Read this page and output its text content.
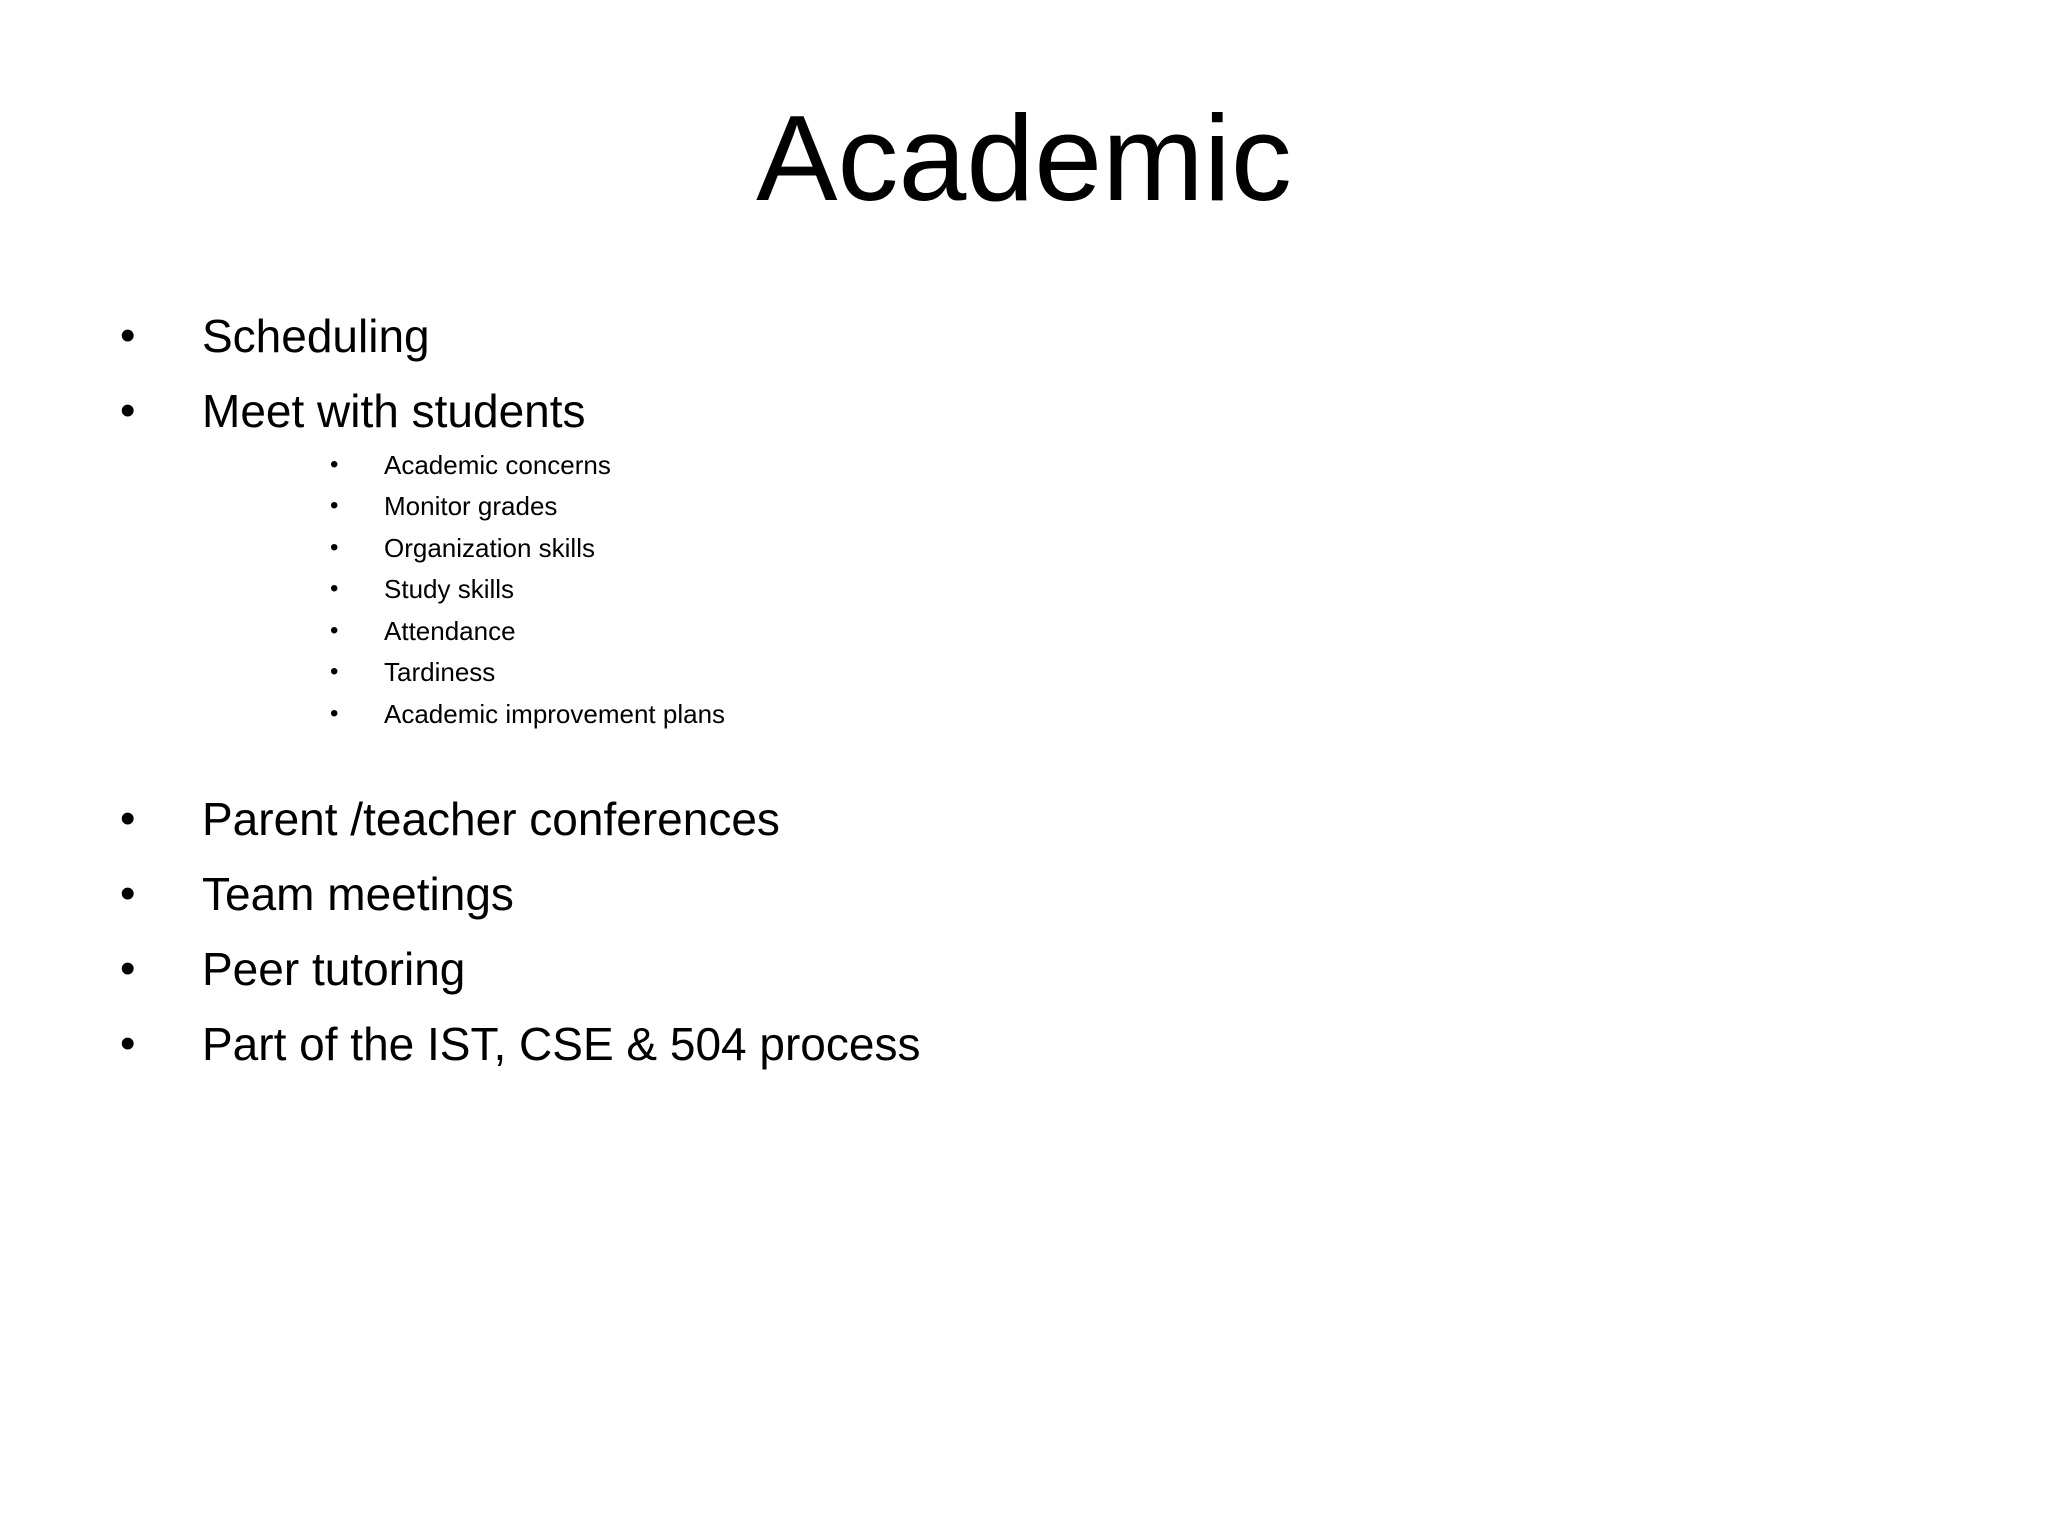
Academic
• Scheduling
• Meet with students
• Academic concerns
• Monitor grades
• Organization skills
• Study skills
• Attendance
• Tardiness
• Academic improvement plans
• Parent /teacher conferences
• Team meetings
• Peer tutoring
• Part of the IST, CSE & 504 process
